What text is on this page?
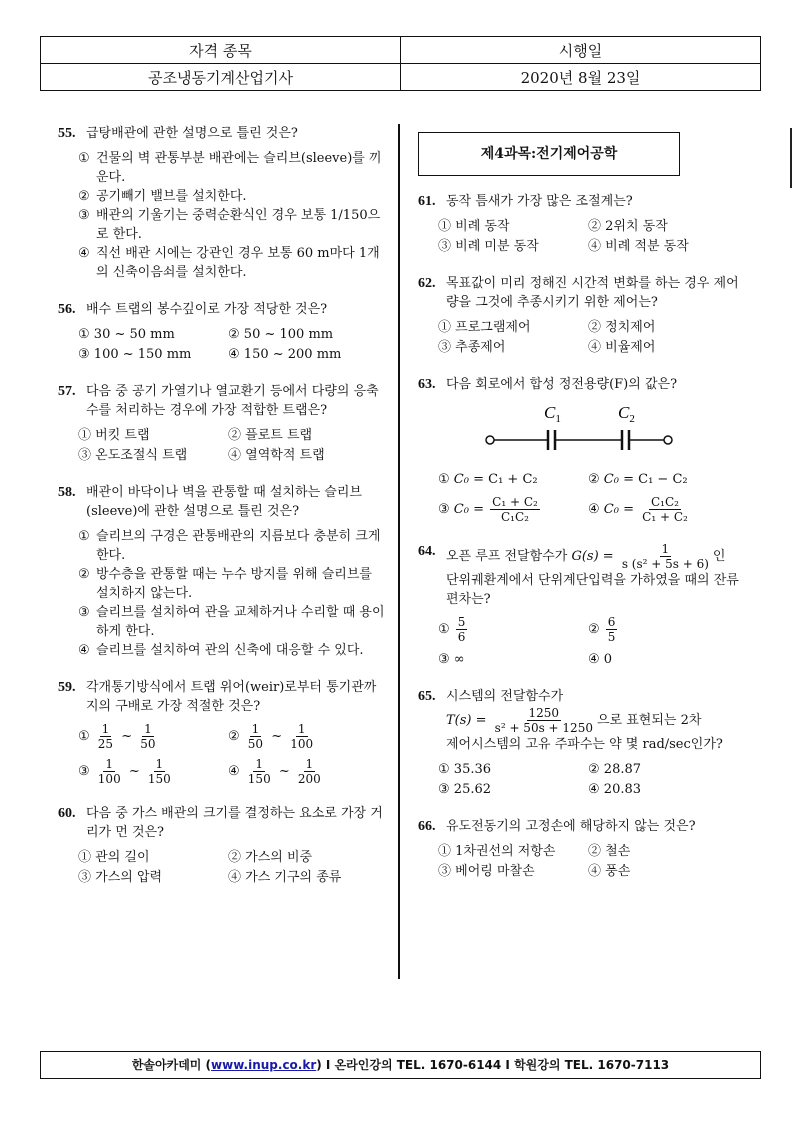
자격 종목	시행일
공조냉동기계산업기사	2020년 8월 23일
55. 급탕배관에 관한 설명으로 틀린 것은?
① 건물의 벽 관통부분 배관에는 슬리브(sleeve)를 끼운다.
② 공기빼기 밸브를 설치한다.
③ 배관의 기울기는 중력순환식인 경우 보통 1/150으로 한다.
④ 직선 배관 시에는 강관인 경우 보통 60 m마다 1개의 신축이음쇠를 설치한다.
56. 배수 트랩의 봉수깊이로 가장 적당한 것은?
① 30 ~ 50 mm	② 50 ~ 100 mm
③ 100 ~ 150 mm	④ 150 ~ 200 mm
57. 다음 중 공기 가열기나 열교환기 등에서 다량의 응축수를 처리하는 경우에 가장 적합한 트랩은?
① 버킷 트랩	② 플로트 트랩
③ 온도조절식 트랩	④ 열역학적 트랩
58. 배관이 바닥이나 벽을 관통할 때 설치하는 슬리브(sleeve)에 관한 설명으로 틀린 것은?
① 슬리브의 구경은 관통배관의 지름보다 충분히 크게 한다.
② 방수층을 관통할 때는 누수 방지를 위해 슬리브를 설치하지 않는다.
③ 슬리브를 설치하여 관을 교체하거나 수리할 때 용이하게 한다.
④ 슬리브를 설치하여 관의 신축에 대응할 수 있다.
59. 각개통기방식에서 트랩 위어(weir)로부터 통기관까지의 구배로 가장 적절한 것은?
① $\frac{1}{25}$ ~ $\frac{1}{50}$	② $\frac{1}{50}$ ~ $\frac{1}{100}$
③ $\frac{1}{100}$ ~ $\frac{1}{150}$	④ $\frac{1}{150}$ ~ $\frac{1}{200}$
60. 다음 중 가스 배관의 크기를 결정하는 요소로 가장 거리가 먼 것은?
① 관의 길이	② 가스의 비중
③ 가스의 압력	④ 가스 기구의 종류
제4과목:전기제어공학
61. 동작 틈새가 가장 많은 조절계는?
① 비례 동작	② 2위치 동작
③ 비례 미분 동작	④ 비례 적분 동작
62. 목표값이 미리 정해진 시간적 변화를 하는 경우 제어량을 그것에 추종시키기 위한 제어는?
① 프로그램제어	② 정치제어
③ 추종제어	④ 비율제어
63. 다음 회로에서 합성 정전용량(F)의 값은?
$C_1$	$C_2$
① C₀ = C₁ + C₂	② C₀ = C₁ − C₂
③ $C_0 = \frac{\text{C₁ + C₂}}{\text{C₁C₂}}$	④ $C_0 = \frac{\text{C₁C₂}}{\text{C₁ + C₂}}$
64. 오픈 루프 전달함수가 $G(s) = \frac{1}{\text{s (s² + 5s + 6)}}$ 인
단위궤환계에서 단위계단입력을 가하였을 때의 잔류편차는?
① $\frac{5}{6}$	② $\frac{6}{5}$
③ ∞	④ 0
65. 시스템의 전달함수가
$T(s) = \frac{1250}{\text{s² + 50s + 1250}}$ 으로 표현되는 2차
제어시스템의 고유 주파수는 약 몇 rad/sec인가?
① 35.36	② 28.87
③ 25.62	④ 20.83
66. 유도전동기의 고정손에 해당하지 않는 것은?
① 1차권선의 저항손	② 철손
③ 베어링 마찰손	④ 풍손
한솔아카데미 (www.inup.co.kr) I 온라인강의 TEL. 1670-6144 I 학원강의 TEL. 1670-7113
